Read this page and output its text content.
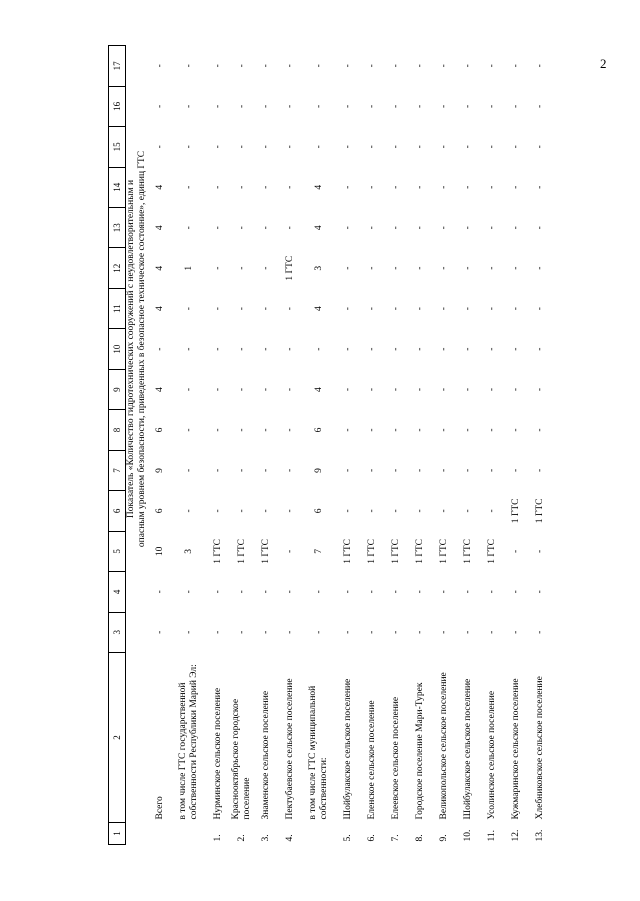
2
1	2	3	4	5	6	7	8	9	10	11	12	13	14	15	16	17

		Показатель «Количество гидротехнических сооружений с неудовлетворительным и опасным уровнем безопасности, приведенных в безопасное техническое состояние», единиц ГТС														

	Всего	-	-	10	6	9	6	4	-	4	4	4	4	-	-	-
	в том числе ГТС государственной собственности Республики Марий Эл:	-	-	3	-	-	-	-	-	-	1	-	-	-	-	-
1.	Нурминское сельское поселение	-	-	1 ГТС	-	-	-	-	-	-	-	-	-	-	-	-
2.	Красноoктябрьское городское поселение	-	-	1 ГТС	-	-	-	-	-	-	-	-	-	-	-	-
3.	Знаменское сельское поселение	-	-	1 ГТС	-	-	-	-	-	-	-	-	-	-	-	-
4.	Пектубаевское сельское поселение	-	-	-	-	-	-	-	-	-	1 ГТС	-	-	-	-	-
	в том числе ГТС муниципальной собственности:	-	-	7	6	9	6	4	-	4	3	4	4	-	-	-
5.	Шойбулакское сельское поселение	-	-	1 ГТС	-	-	-	-	-	-	-	-	-	-	-	-
6.	Еленское сельское поселение	-	-	1 ГТС	-	-	-	-	-	-	-	-	-	-	-	-
7.	Елеевское сельское поселение	-	-	1 ГТС	-	-	-	-	-	-	-	-	-	-	-	-
8.	Городское поселение Мари-Турек	-	-	1 ГТС	-	-	-	-	-	-	-	-	-	-	-	-
9.	Великопольское сельское поселение	-	-	1 ГТС	-	-	-	-	-	-	-	-	-	-	-	-
10.	Шойбулакское сельское поселение	-	-	1 ГТС	-	-	-	-	-	-	-	-	-	-	-	-
11.	Усолинское сельское поселение	-	-	1 ГТС	-	-	-	-	-	-	-	-	-	-	-	-
12.	Кужмаринское сельское поселение	-	-	-	1 ГТС	-	-	-	-	-	-	-	-	-	-	-
13.	Хлебниковское сельское поселение	-	-	-	1 ГТС	-	-	-	-	-	-	-	-	-	-	-
